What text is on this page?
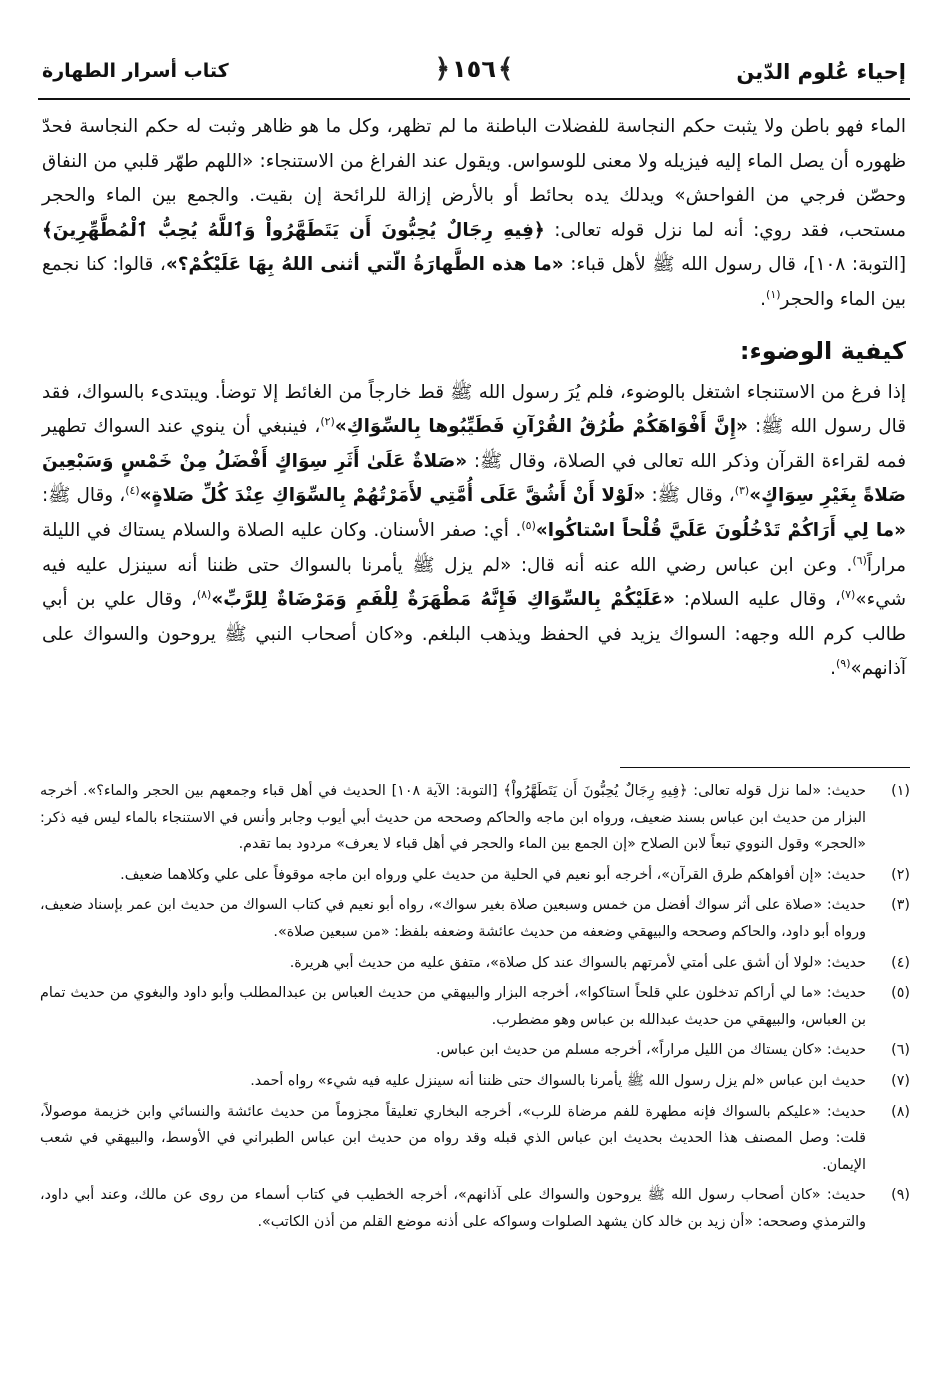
إحياء عُلوم الدّين
﴿١٥٦﴾
كتاب أسرار الطهارة

الماء فهو باطن ولا يثبت حكم النجاسة للفضلات الباطنة ما لم تظهر، وكل ما هو ظاهر وثبت له حكم النجاسة فحدّ ظهوره أن يصل الماء إليه فيزيله ولا معنى للوسواس. ويقول عند الفراغ من الاستنجاء: «اللهم طهّر قلبي من النفاق وحصّن فرجي من الفواحش» ويدلك يده بحائط أو بالأرض إزالة للرائحة إن بقيت. والجمع بين الماء والحجر مستحب، فقد روي: أنه لما نزل قوله تعالى: ﴿فِيهِ رِجَالٌ يُحِبُّونَ أَن يَتَطَهَّرُواْ وَٱللَّهُ يُحِبُّ ٱلْمُطَّهِّرِينَ﴾ [التوبة: ١٠٨]، قال رسول الله ﷺ لأهل قباء: «ما هذه الطَّهارَةُ الّتي أثنى اللهُ بِهَا عَلَيْكُمْ؟»، قالوا: كنا نجمع بين الماء والحجر$^{(١)}$.

كيفية الوضوء:

إذا فرغ من الاستنجاء اشتغل بالوضوء، فلم يُرَ رسول الله ﷺ قط خارجاً من الغائط إلا توضأ. ويبتدىء بالسواك، فقد قال رسول الله ﷺ: «إِنَّ أَفْوَاهَكُمْ طُرُقُ القُرْآنِ فَطَيِّبُوها بِالسِّوَاكِ»$^{(٢)}$، فينبغي أن ينوي عند السواك تطهير فمه لقراءة القرآن وذكر الله تعالى في الصلاة، وقال ﷺ: «صَلاةٌ عَلَىٰ أَثَرِ سِوَاكٍ أَفْضَلُ مِنْ خَمْسٍ وَسَبْعِينَ صَلاةً بِغَيْرِ سِوَاكٍ»$^{(٣)}$، وقال ﷺ: «لَوْلا أَنْ أَشُقَّ عَلَى أُمَّتِي لأَمَرْتُهُمْ بِالسِّوَاكِ عِنْدَ كُلِّ صَلاةٍ»$^{(٤)}$، وقال ﷺ: «ما لِي أَرَاكُمْ تَدْخُلُونَ عَلَيَّ قُلْحاً اسْتاكُوا»$^{(٥)}$. أي: صفر الأسنان. وكان عليه الصلاة والسلام يستاك في الليلة مراراً$^{(٦)}$. وعن ابن عباس رضي الله عنه أنه قال: «لم يزل ﷺ يأمرنا بالسواك حتى ظننا أنه سينزل عليه فيه شيء»$^{(٧)}$، وقال عليه السلام: «عَلَيْكُمْ بِالسِّوَاكِ فَإِنَّهُ مَطْهَرَةٌ لِلْفَمِ وَمَرْضَاةٌ لِلرَّبِّ»$^{(٨)}$، وقال علي بن أبي طالب كرم الله وجهه: السواك يزيد في الحفظ ويذهب البلغم. و«كان أصحاب النبي ﷺ يروحون والسواك على آذانهم»$^{(٩)}$.

(١)
حديث: «لما نزل قوله تعالى: ﴿فِيهِ رِجَالٌ يُحِبُّونَ أَن يَتَطَهَّرُواْ﴾ [التوبة: الآية ١٠٨] الحديث في أهل قباء وجمعهم بين الحجر والماء؟». أخرجه البزار من حديث ابن عباس بسند ضعيف، ورواه ابن ماجه والحاكم وصححه من حديث أبي أيوب وجابر وأنس في الاستنجاء بالماء ليس فيه ذكر: «الحجر» وقول النووي تبعاً لابن الصلاح «إن الجمع بين الماء والحجر في أهل قباء لا يعرف» مردود بما تقدم.
(٢)
حديث: «إن أفواهكم طرق القرآن»، أخرجه أبو نعيم في الحلية من حديث علي ورواه ابن ماجه موقوفاً على علي وكلاهما ضعيف.
(٣)
حديث: «صلاة على أثر سواك أفضل من خمس وسبعين صلاة بغير سواك»، رواه أبو نعيم في كتاب السواك من حديث ابن عمر بإسناد ضعيف، ورواه أبو داود، والحاكم وصححه والبيهقي وضعفه من حديث عائشة وضعفه بلفظ: «من سبعين صلاة».
(٤)
حديث: «لولا أن أشق على أمتي لأمرتهم بالسواك عند كل صلاة»، متفق عليه من حديث أبي هريرة.
(٥)
حديث: «ما لي أراكم تدخلون علي قلحاً استاكوا»، أخرجه البزار والبيهقي من حديث العباس بن عبدالمطلب وأبو داود والبغوي من حديث تمام بن العباس، والبيهقي من حديث عبدالله بن عباس وهو مضطرب.
(٦)
حديث: «كان يستاك من الليل مراراً»، أخرجه مسلم من حديث ابن عباس.
(٧)
حديث ابن عباس «لم يزل رسول الله ﷺ يأمرنا بالسواك حتى ظننا أنه سينزل عليه فيه شيء» رواه أحمد.
(٨)
حديث: «عليكم بالسواك فإنه مطهرة للفم مرضاة للرب»، أخرجه البخاري تعليقاً مجزوماً من حديث عائشة والنسائي وابن خزيمة موصولاً، قلت: وصل المصنف هذا الحديث بحديث ابن عباس الذي قبله وقد رواه من حديث ابن عباس الطبراني في الأوسط، والبيهقي في شعب الإيمان.
(٩)
حديث: «كان أصحاب رسول الله ﷺ يروحون والسواك على آذانهم»، أخرجه الخطيب في كتاب أسماء من روى عن مالك، وعند أبي داود، والترمذي وصححه: «أن زيد بن خالد كان يشهد الصلوات وسواكه على أذنه موضع القلم من أذن الكاتب».
